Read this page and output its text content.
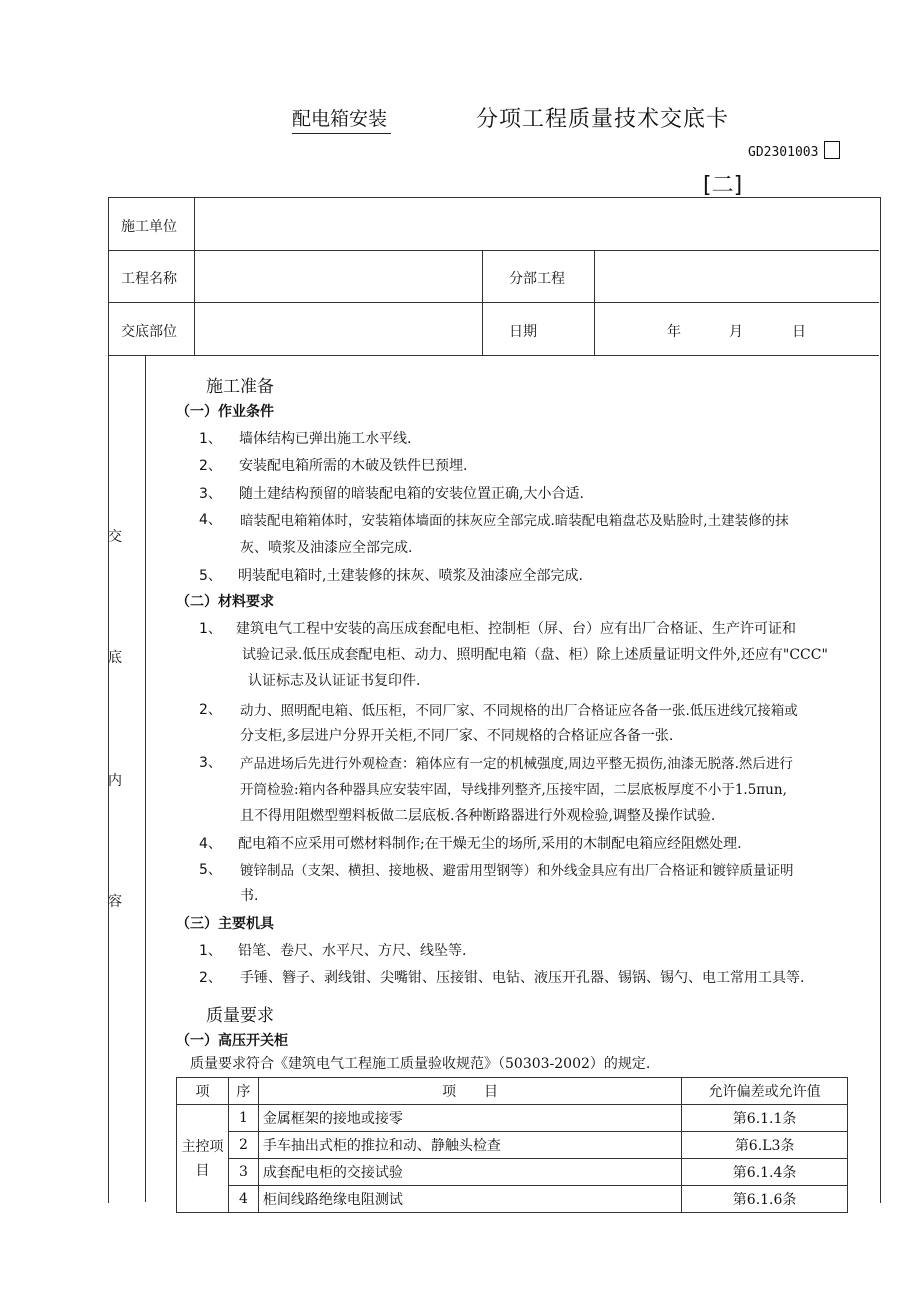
配电箱安装	分项工程质量技术交底卡
GD2301003
[二]
施工单位
工程名称	分部工程
交底部位	日期	年	月	日
交
底
内
容
施工准备
（一）作业条件
1、 墙体结构已弹出施工水平线.
2、 安装配电箱所需的木破及铁件巳预埋.
3、 随土建结构预留的暗装配电箱的安装位置正确,大小合适.
4、 暗装配电箱箱体时，安装箱体墙面的抹灰应全部完成.暗装配电箱盘芯及贴脸时,土建装修的抹
灰、喷浆及油漆应全部完成.
5、 明装配电箱时,土建装修的抹灰、喷浆及油漆应全部完成.
（二）材料要求
1、 建筑电气工程中安装的高压成套配电柜、控制柜（屏、台）应有出厂合格证、生产许可证和
试验记录.低压成套配电柜、动力、照明配电箱（盘、柜）除上述质量证明文件外,还应有"CCC"
认证标志及认证证书复印件.
2、 动力、照明配电箱、低压柜，不同厂家、不同规格的出厂合格证应各备一张.低压进线冗接箱或
分支柜,多层进户分界开关柜,不同厂家、不同规格的合格证应各备一张.
3、 产品进场后先进行外观检查：箱体应有一定的机械强度,周边平整无损伤,油漆无脱落.然后进行
开筒检验:箱内各种器具应安装牢固，导线排列整齐,压接牢固，二层底板厚度不小于1.5πun,
且不得用阻燃型塑料板做二层底板.各种断路器进行外观检验,调整及操作试验.
4、 配电箱不应采用可燃材料制作;在干燥无尘的场所,采用的木制配电箱应经阻燃处理.
5、 镀锌制品（支架、横担、接地极、避雷用型钢等）和外线金具应有出厂合格证和镀锌质量证明
书.
（三）主要机具
1、 铅笔、卷尺、水平尺、方尺、线坠等.
2、 手锤、簪子、剥线钳、尖嘴钳、压接钳、电钻、液压开孔器、锡锅、锡勺、电工常用工具等.
质量要求
（一）高压开关柜
质量要求符合《建筑电气工程施工质量验收规范》（50303-2002）的规定.
项	序	项　　目	允许偏差或允许值
主控项目	1	金属框架的接地或接零	第6.1.1条
	2	手车抽出式柜的推拉和动、静触头检查	第6.L3条
	3	成套配电柜的交接试验	第6.1.4条
	4	柜间线路绝缘电阻测试	第6.1.6条
